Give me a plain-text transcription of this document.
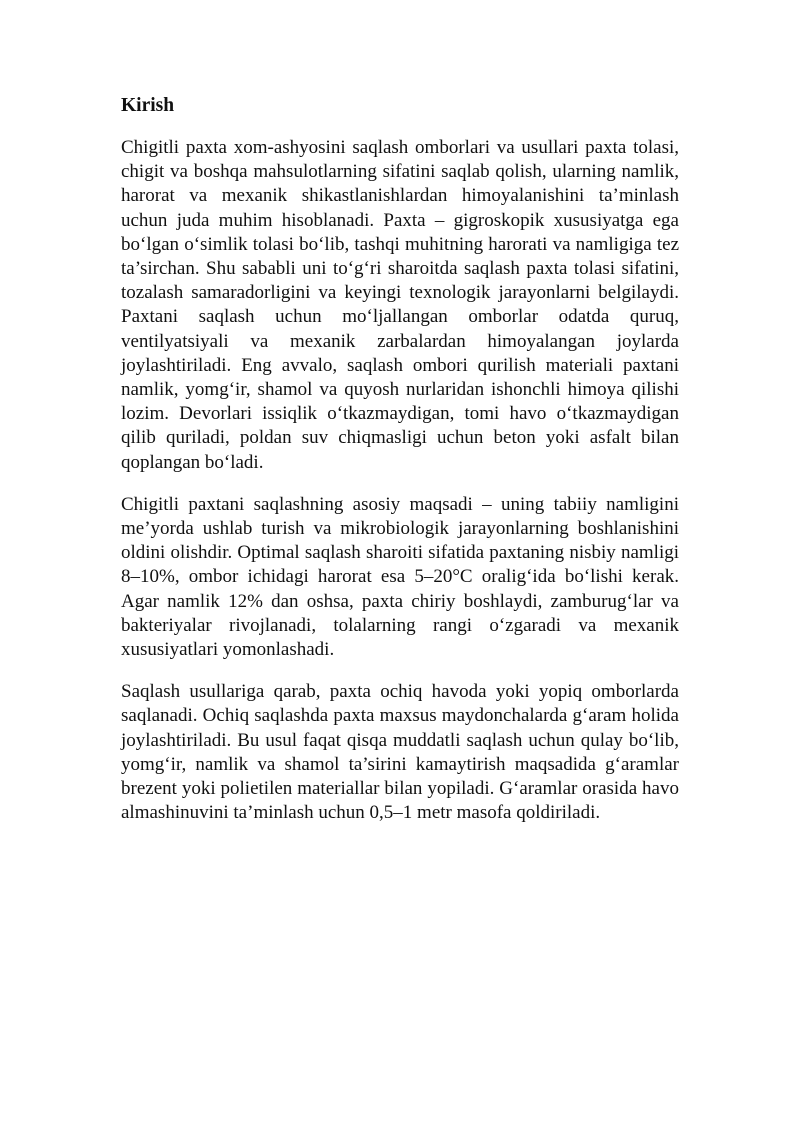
Kirish

Chigitli paxta xom-ashyosini saqlash omborlari va usullari paxta tolasi, chigit va boshqa mahsulotlarning sifatini saqlab qolish, ularning namlik, harorat va mexanik shikastlanishlardan himoyalanishini ta’minlash uchun juda muhim hisoblanadi. Paxta – gigroskopik xususiyatga ega bo‘lgan o‘simlik tolasi bo‘lib, tashqi muhitning harorati va namligiga tez ta’sirchan. Shu sababli uni to‘g‘ri sharoitda saqlash paxta tolasi sifatini, tozalash samaradorligini va keyingi texnologik jarayonlarni belgilaydi. Paxtani saqlash uchun mo‘ljallangan omborlar odatda quruq, ventilyatsiyali va mexanik zarbalardan himoyalangan joylarda joylashtiriladi. Eng avvalo, saqlash ombori qurilish materiali paxtani namlik, yomg‘ir, shamol va quyosh nurlaridan ishonchli himoya qilishi lozim. Devorlari issiqlik o‘tkazmaydigan, tomi havo o‘tkazmaydigan qilib quriladi, poldan suv chiqmasligi uchun beton yoki asfalt bilan qoplangan bo‘ladi.

Chigitli paxtani saqlashning asosiy maqsadi – uning tabiiy namligini me’yorda ushlab turish va mikrobiologik jarayonlarning boshlanishini oldini olishdir. Optimal saqlash sharoiti sifatida paxtaning nisbiy namligi 8–10%, ombor ichidagi harorat esa 5–20°C oralig‘ida bo‘lishi kerak. Agar namlik 12% dan oshsa, paxta chiriy boshlaydi, zamburug‘lar va bakteriyalar rivojlanadi, tolalarning rangi o‘zgaradi va mexanik xususiyatlari yomonlashadi.

Saqlash usullariga qarab, paxta ochiq havoda yoki yopiq omborlarda saqlanadi. Ochiq saqlashda paxta maxsus maydonchalarda g‘aram holida joylashtiriladi. Bu usul faqat qisqa muddatli saqlash uchun qulay bo‘lib, yomg‘ir, namlik va shamol ta’sirini kamaytirish maqsadida g‘aramlar brezent yoki polietilen materiallar bilan yopiladi. G‘aramlar orasida havo almashinuvini ta’minlash uchun 0,5–1 metr masofa qoldiriladi.
